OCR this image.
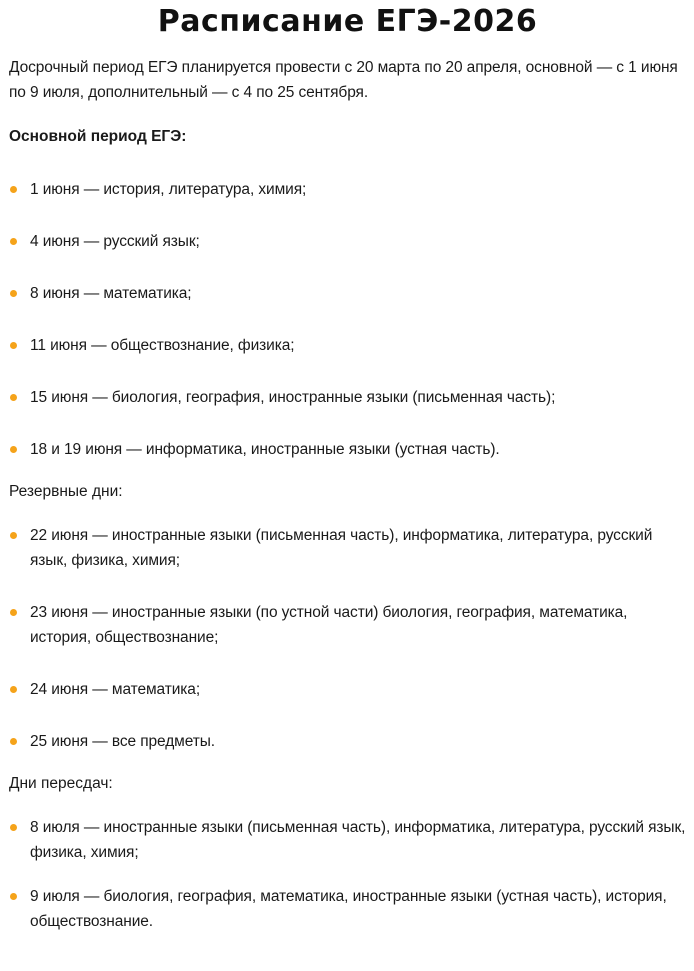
Расписание ЕГЭ-2026

Досрочный период ЕГЭ планируется провести с 20 марта по 20 апреля, основной — с 1 июня по 9 июля, дополнительный — с 4 по 25 сентября.

Основной период ЕГЭ:
1 июня — история, литература, химия;
4 июня — русский язык;
8 июня — математика;
11 июня — обществознание, физика;
15 июня — биология, география, иностранные языки (письменная часть);
18 и 19 июня — информатика, иностранные языки (устная часть).

Резервные дни:

22 июня — иностранные языки (письменная часть), информатика, литература, русский язык, физика, химия;
23 июня — иностранные языки (по устной части) биология, география, математика, история, обществознание;
24 июня — математика;
25 июня — все предметы.

Дни пересдач:

8 июля — иностранные языки (письменная часть), информатика, литература, русский язык, физика, химия;
9 июля — биология, география, математика, иностранные языки (устная часть), история, обществознание.
